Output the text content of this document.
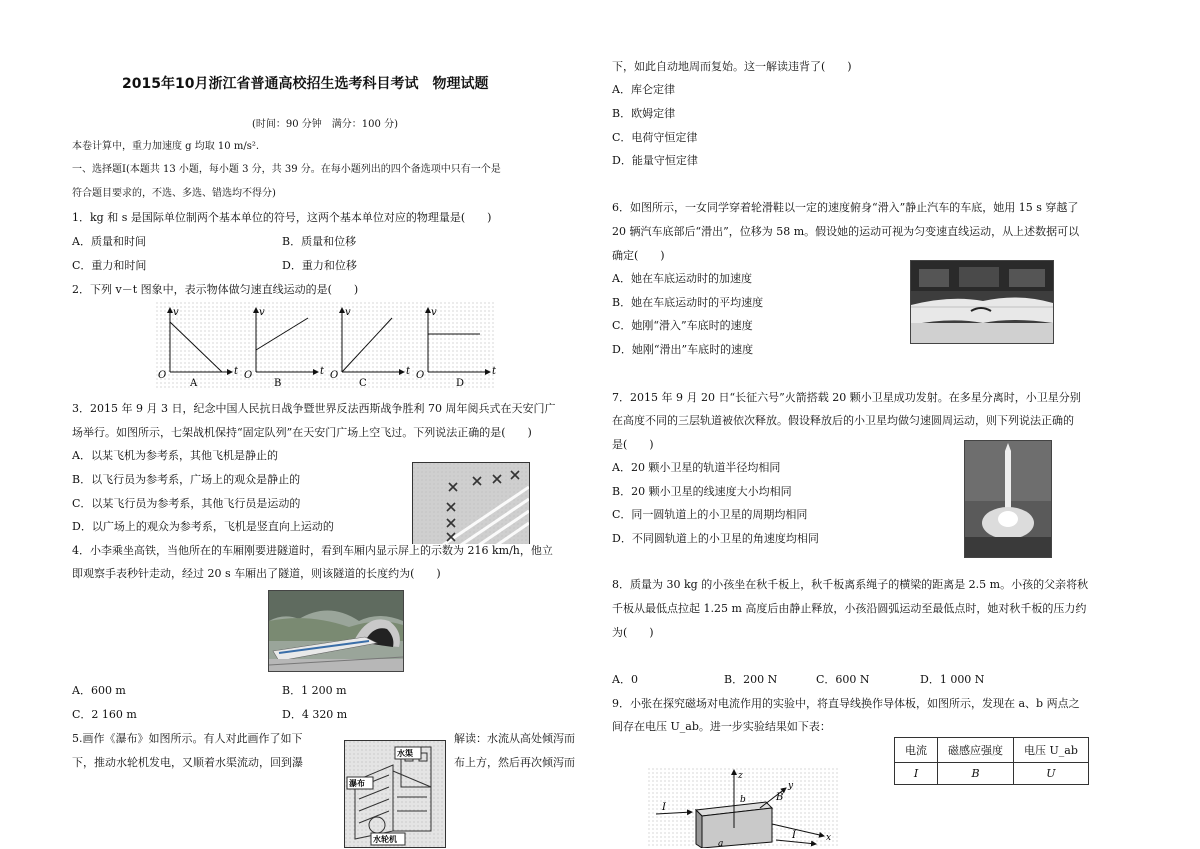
2015年10月浙江省普通高校招生选考科目考试　物理试题
(时间：90 分钟　满分：100 分)
本卷计算中，重力加速度 g 均取 10 m/s².
一、选择题Ⅰ(本题共 13 小题，每小题 3 分，共 39 分。在每小题列出的四个备选项中只有一个是
符合题目要求的，不选、多选、错选均不得分)
1．kg 和 s 是国际单位制两个基本单位的符号，这两个基本单位对应的物理量是(　　)
A．质量和时间	B．质量和位移
C．重力和时间	D．重力和位移
2．下列 v－t 图象中，表示物体做匀速直线运动的是(　　)
v
t
O
A
v
t
O
B
v
t
O
C
v
t
O
D
3．2015 年 9 月 3 日，纪念中国人民抗日战争暨世界反法西斯战争胜利 70 周年阅兵式在天安门广
场举行。如图所示，七架战机保持“固定队列”在天安门广场上空飞过。下列说法正确的是(　　)
A．以某飞机为参考系，其他飞机是静止的
B．以飞行员为参考系，广场上的观众是静止的
C．以某飞行员为参考系，其他飞行员是运动的
D．以广场上的观众为参考系，飞机是竖直向上运动的
4．小李乘坐高铁，当他所在的车厢刚要进隧道时，看到车厢内显示屏上的示数为 216 km/h，他立
即观察手表秒针走动，经过 20 s 车厢出了隧道，则该隧道的长度约为(　　)
A．600 m	B．1 200 m
C．2 160 m	D．4 320 m
5.画作《瀑布》如图所示。有人对此画作了如下	解读：水流从高处倾泻而
下，推动水轮机发电，又顺着水渠流动，回到瀑	布上方，然后再次倾泻而
水渠
瀑布
水轮机
下，如此自动地周而复始。这一解读违背了(　　)
A．库仑定律
B．欧姆定律
C．电荷守恒定律
D．能量守恒定律
6．如图所示，一女同学穿着轮滑鞋以一定的速度俯身“滑入”静止汽车的车底，她用 15 s 穿越了
20 辆汽车底部后“滑出”，位移为 58 m。假设她的运动可视为匀变速直线运动，从上述数据可以
确定(　　)
A．她在车底运动时的加速度
B．她在车底运动时的平均速度
C．她刚“滑入”车底时的速度
D．她刚“滑出”车底时的速度
7．2015 年 9 月 20 日“长征六号”火箭搭载 20 颗小卫星成功发射。在多星分离时，小卫星分别
在高度不同的三层轨道被依次释放。假设释放后的小卫星均做匀速圆周运动，则下列说法正确的
是(　　)
A．20 颗小卫星的轨道半径均相同
B．20 颗小卫星的线速度大小均相同
C．同一圆轨道上的小卫星的周期均相同
D．不同圆轨道上的小卫星的角速度均相同
8．质量为 30 kg 的小孩坐在秋千板上，秋千板离系绳子的横梁的距离是 2.5 m。小孩的父亲将秋
千板从最低点拉起 1.25 m 高度后由静止释放，小孩沿圆弧运动至最低点时，她对秋千板的压力约
为(　　)
A．0	B．200 N	C．600 N	D．1 000 N
9．小张在探究磁场对电流作用的实验中，将直导线换作导体板，如图所示，发现在 a、b 两点之
间存在电压 U_ab。进一步实验结果如下表：
电流	磁感应强度	电压 U_ab
I	B	U
I
I
a
b	B
z
y
x
